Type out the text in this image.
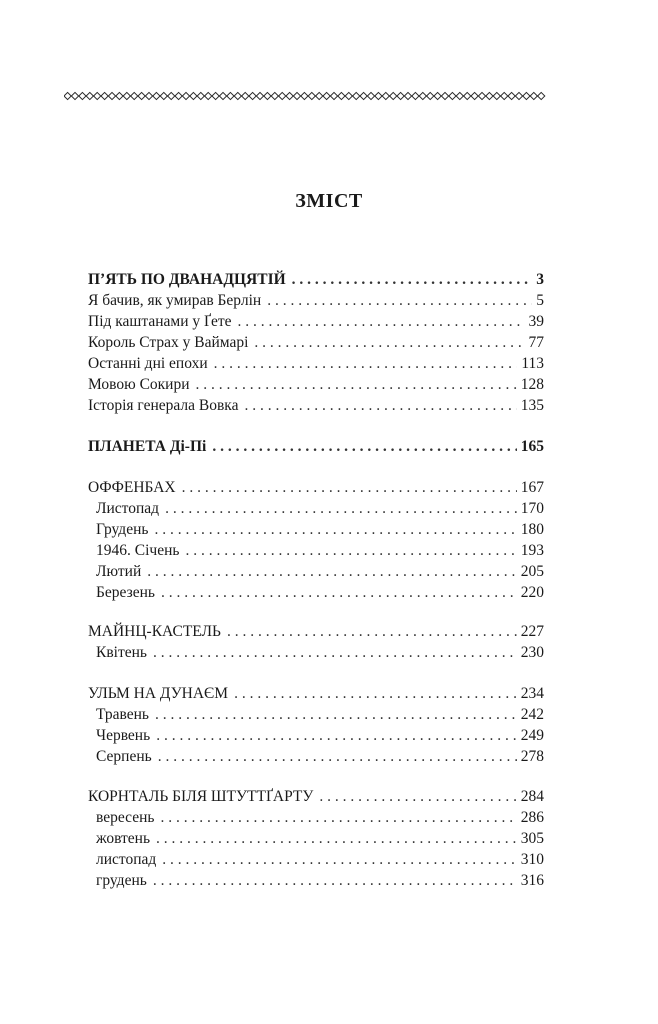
ЗМІСТ
П’ЯТЬ ПО ДВАНАДЦЯТІЙ . . .	3
Я бачив, як умирав Берлін . . .	5
Під каштанами у Ґете . . .	39
Король Страх у Ваймарі . . .	77
Останні дні епохи . . .	113
Мовою Сокири . . .	128
Історія генерала Вовка . . .	135
ПЛАНЕТА Ді-Пі . . .	165
ОФФЕНБАХ . . .	167
Листопад . . .	170
Грудень . . .	180
1946. Січень . . .	193
Лютий . . .	205
Березень . . .	220
МАЙНЦ-КАСТЕЛЬ . . .	227
Квітень . . .	230
УЛЬМ НА ДУНАЄМ . . .	234
Травень . . .	242
Червень . . .	249
Серпень . . .	278
КОРНТАЛЬ БІЛЯ ШТУТТҐАРТУ . . .	284
вересень . . .	286
жовтень . . .	305
листопад . . .	310
грудень . . .	316
